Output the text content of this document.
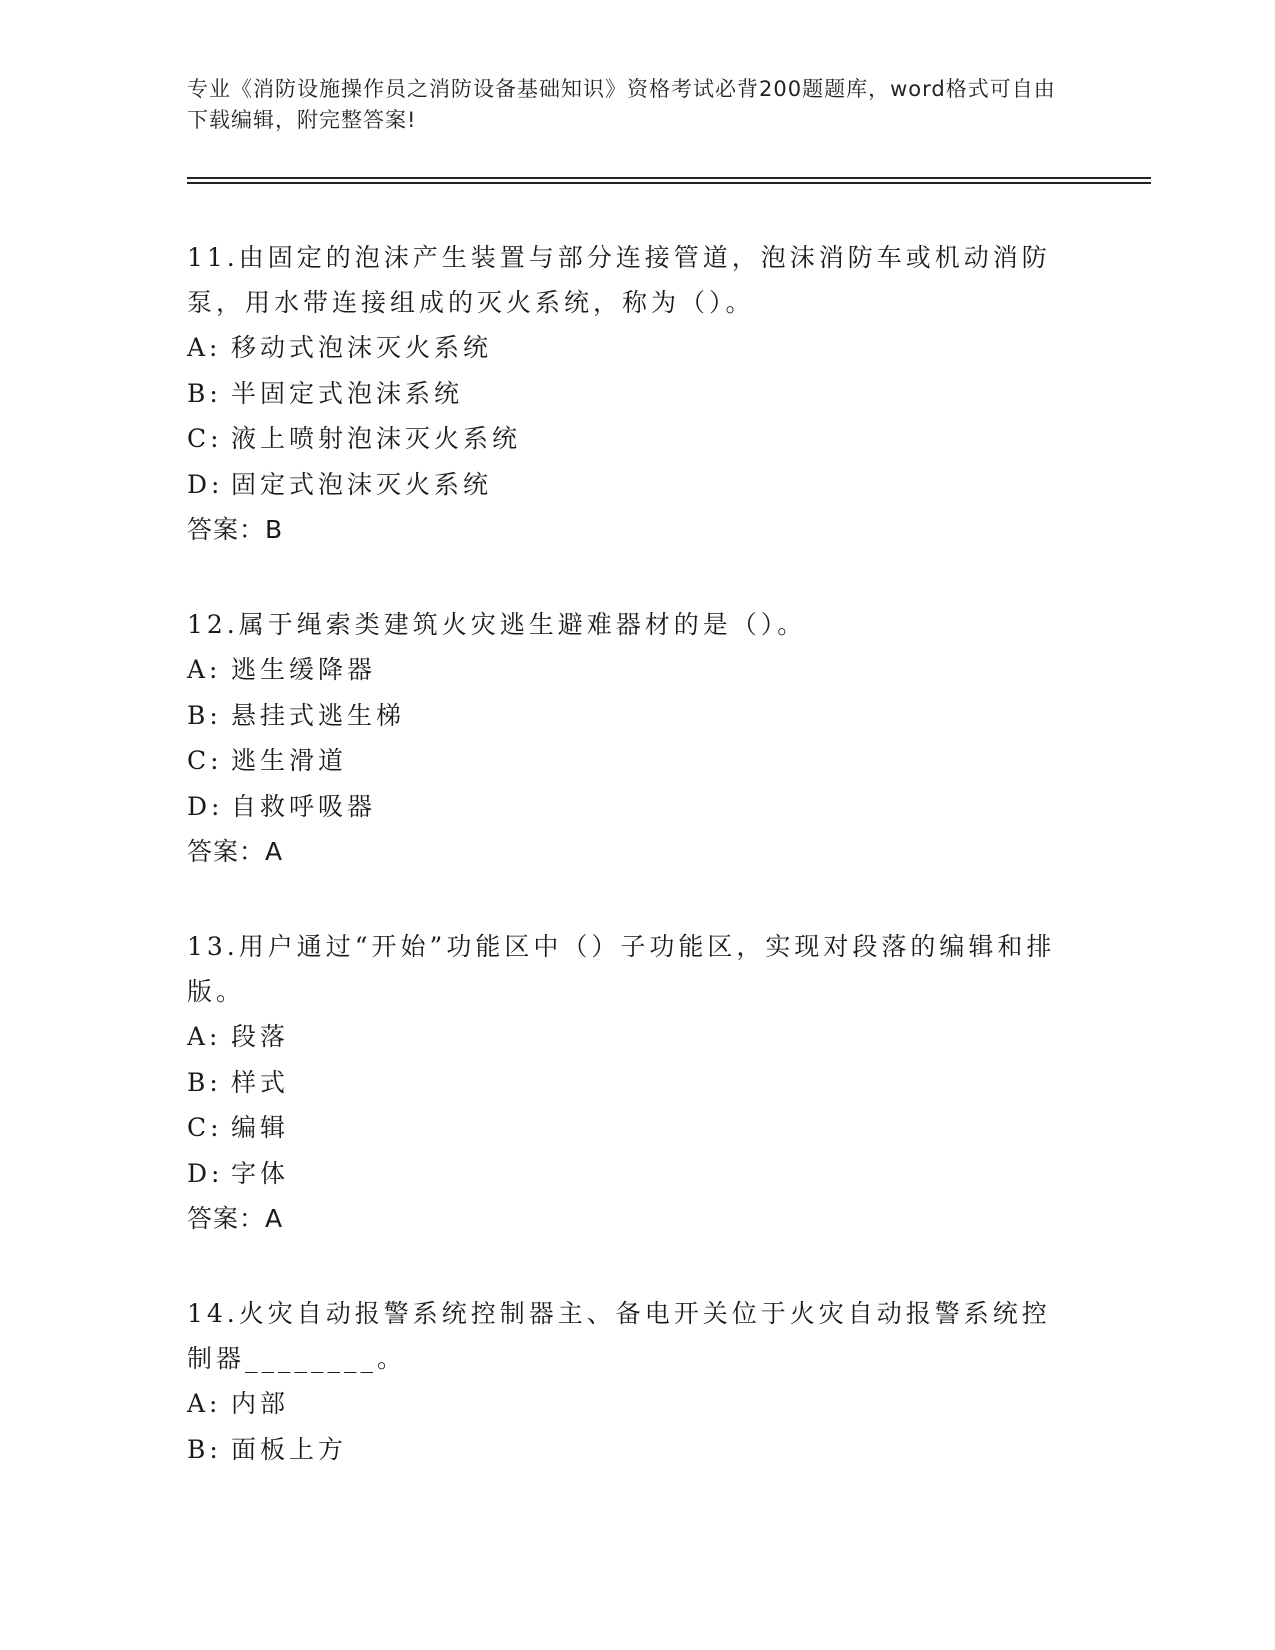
专业《消防设施操作员之消防设备基础知识》资格考试必背200题题库，word格式可自由下载编辑，附完整答案!
11.由固定的泡沫产生装置与部分连接管道，泡沫消防车或机动消防泵，用水带连接组成的灭火系统，称为（）。
A: 移动式泡沫灭火系统
B: 半固定式泡沫系统
C: 液上喷射泡沫灭火系统
D: 固定式泡沫灭火系统
答案：B
12.属于绳索类建筑火灾逃生避难器材的是（）。
A: 逃生缓降器
B: 悬挂式逃生梯
C: 逃生滑道
D: 自救呼吸器
答案：A
13.用户通过“开始”功能区中（）子功能区，实现对段落的编辑和排版。
A: 段落
B: 样式
C: 编辑
D: 字体
答案：A
14.火灾自动报警系统控制器主、备电开关位于火灾自动报警系统控制器________。
A: 内部
B: 面板上方
